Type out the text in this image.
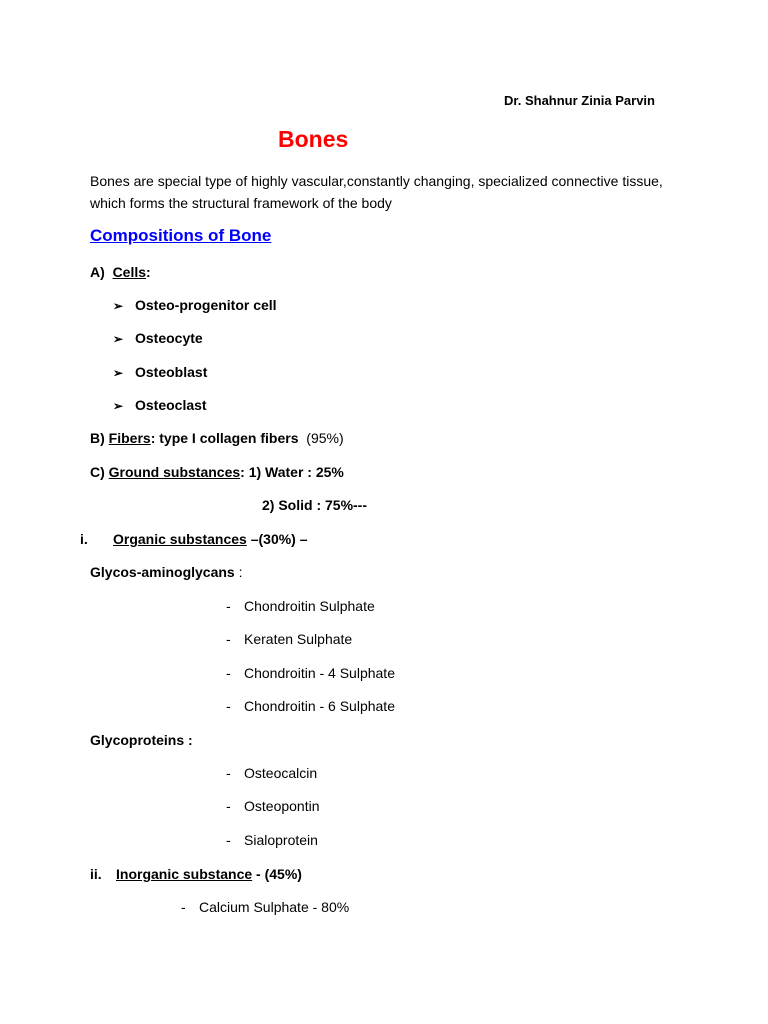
Dr. Shahnur Zinia Parvin
Bones
Bones are special type of highly vascular,constantly changing, specialized connective tissue, which forms the structural framework of the body
Compositions of Bone
A) Cells:
➢ Osteo-progenitor cell
➢ Osteocyte
➢ Osteoblast
➢ Osteoclast
B) Fibers: type I collagen fibers (95%)
C) Ground substances: 1) Water : 25%
2) Solid : 75%---
i. Organic substances –(30%) –
Glycos-aminoglycans :
- Chondroitin Sulphate
- Keraten Sulphate
- Chondroitin - 4 Sulphate
- Chondroitin - 6 Sulphate
Glycoproteins :
- Osteocalcin
- Osteopontin
- Sialoprotein
ii. Inorganic substance - (45%)
- Calcium Sulphate - 80%
